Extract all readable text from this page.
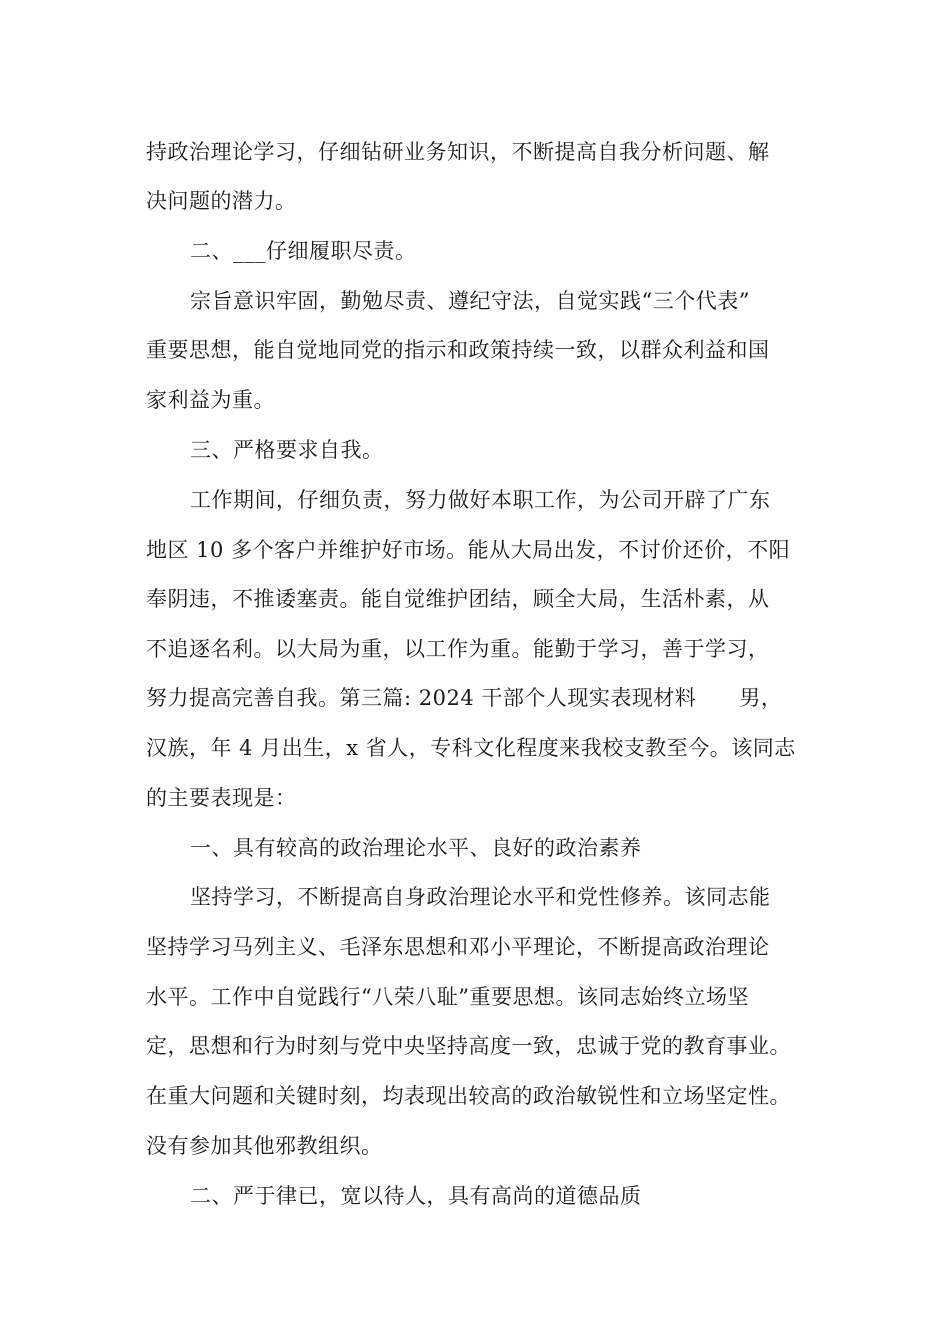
持政治理论学习，仔细钻研业务知识，不断提高自我分析问题、解
决问题的潜力。
二、___仔细履职尽责。
宗旨意识牢固，勤勉尽责、遵纪守法，自觉实践“三个代表”
重要思想，能自觉地同党的指示和政策持续一致，以群众利益和国
家利益为重。
三、严格要求自我。
工作期间，仔细负责，努力做好本职工作，为公司开辟了广东
地区 10 多个客户并维护好市场。能从大局出发，不讨价还价，不阳
奉阴违，不推诿塞责。能自觉维护团结，顾全大局，生活朴素，从
不追逐名利。以大局为重，以工作为重。能勤于学习，善于学习，
努力提高完善自我。第三篇: 2024 干部个人现实表现材料　　男，
汉族，年 4 月出生，x 省人，专科文化程度来我校支教至今。该同志
的主要表现是：
一、具有较高的政治理论水平、良好的政治素养
坚持学习，不断提高自身政治理论水平和党性修养。该同志能
坚持学习马列主义、毛泽东思想和邓小平理论，不断提高政治理论
水平。工作中自觉践行“八荣八耻”重要思想。该同志始终立场坚
定，思想和行为时刻与党中央坚持高度一致，忠诚于党的教育事业。
在重大问题和关键时刻，均表现出较高的政治敏锐性和立场坚定性。
没有参加其他邪教组织。
二、严于律已，宽以待人，具有高尚的道德品质
